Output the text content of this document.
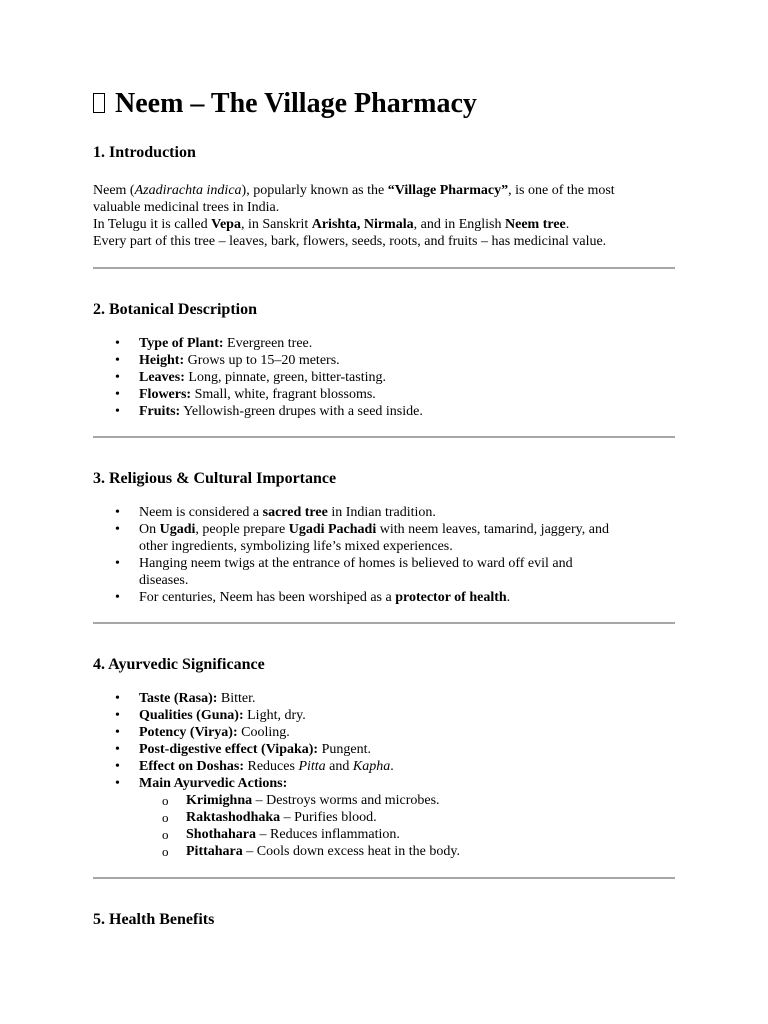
Neem – The Village Pharmacy
1. Introduction

Neem (Azadirachta indica), popularly known as the “Village Pharmacy”, is one of the most
valuable medicinal trees in India.
In Telugu it is called Vepa, in Sanskrit Arishta, Nirmala, and in English Neem tree.
Every part of this tree – leaves, bark, flowers, seeds, roots, and fruits – has medicinal value.

2. Botanical Description
• Type of Plant: Evergreen tree.
• Height: Grows up to 15–20 meters.
• Leaves: Long, pinnate, green, bitter-tasting.
• Flowers: Small, white, fragrant blossoms.
• Fruits: Yellowish-green drupes with a seed inside.
3. Religious & Cultural Importance
• Neem is considered a sacred tree in Indian tradition.
• On Ugadi, people prepare Ugadi Pachadi with neem leaves, tamarind, jaggery, and
other ingredients, symbolizing life’s mixed experiences.
• Hanging neem twigs at the entrance of homes is believed to ward off evil and
diseases.
• For centuries, Neem has been worshiped as a protector of health.
4. Ayurvedic Significance
• Taste (Rasa): Bitter.
• Qualities (Guna): Light, dry.
• Potency (Virya): Cooling.
• Post-digestive effect (Vipaka): Pungent.
• Effect on Doshas: Reduces Pitta and Kapha.
• Main Ayurvedic Actions:
o Krimighna – Destroys worms and microbes.
o Raktashodhaka – Purifies blood.
o Shothahara – Reduces inflammation.
o Pittahara – Cools down excess heat in the body.
5. Health Benefits
